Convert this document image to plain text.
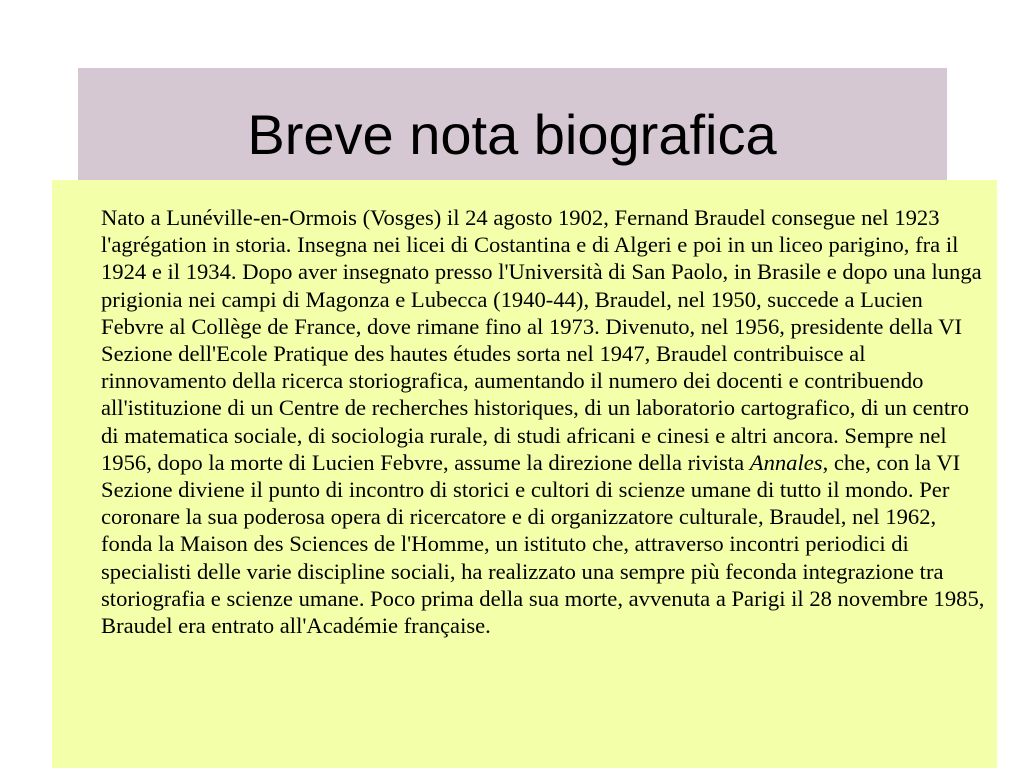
Breve nota biografica

Nato a Lunéville-en-Ormois (Vosges) il 24 agosto 1902, Fernand Braudel consegue nel 1923 l'agrégation in storia. Insegna nei licei di Costantina e di Algeri e poi in un liceo parigino, fra il 1924 e il 1934. Dopo aver insegnato presso l'Università di San Paolo, in Brasile e dopo una lunga prigionia nei campi di Magonza e Lubecca (1940-44), Braudel, nel 1950, succede a Lucien Febvre al Collège de France, dove rimane fino al 1973. Divenuto, nel 1956, presidente della VI Sezione dell'Ecole Pratique des hautes études sorta nel 1947, Braudel contribuisce al rinnovamento della ricerca storiografica, aumentando il numero dei docenti e contribuendo all'istituzione di un Centre de recherches historiques, di un laboratorio cartografico, di un centro di matematica sociale, di sociologia rurale, di studi africani e cinesi e altri ancora. Sempre nel 1956, dopo la morte di Lucien Febvre, assume la direzione della rivista Annales, che, con la VI Sezione diviene il punto di incontro di storici e cultori di scienze umane di tutto il mondo. Per coronare la sua poderosa opera di ricercatore e di organizzatore culturale, Braudel, nel 1962, fonda la Maison des Sciences de l'Homme, un istituto che, attraverso incontri periodici di specialisti delle varie discipline sociali, ha realizzato una sempre più feconda integrazione tra storiografia e scienze umane. Poco prima della sua morte, avvenuta a Parigi il 28 novembre 1985, Braudel era entrato all'Académie française.
